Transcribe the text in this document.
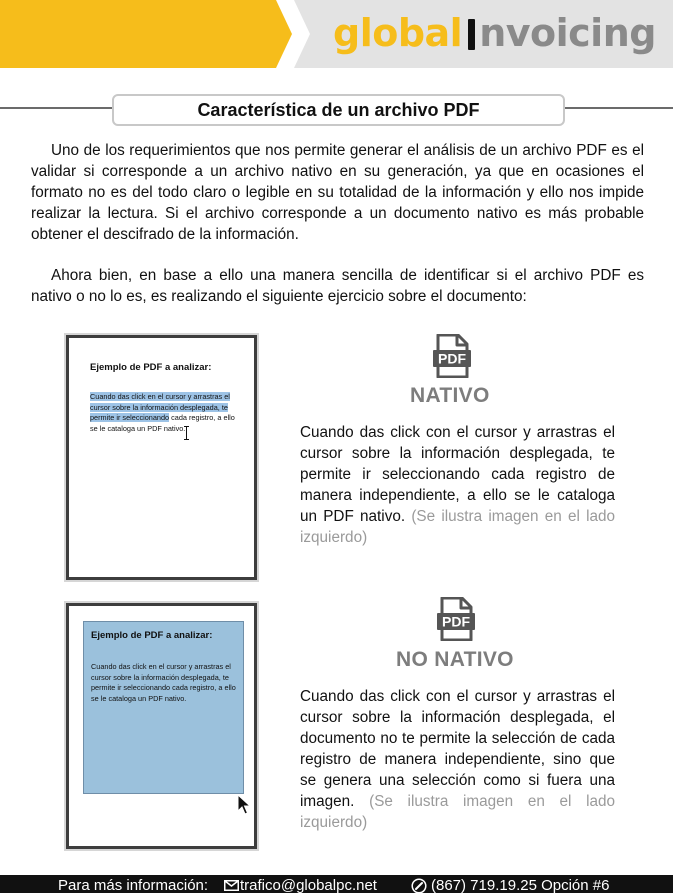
global nvoicing
Característica de un archivo PDF

Uno de los requerimientos que nos permite generar el análisis de un archivo PDF es el validar si corresponde a un archivo nativo en su generación, ya que en ocasiones el formato no es del todo claro o legible en su totalidad de la información y ello nos impide realizar la lectura. Si el archivo corresponde a un documento nativo es más probable obtener el descifrado de la información.

Ahora bien, en base a ello una manera sencilla de identificar si el archivo PDF es nativo o no lo es, es realizando el siguiente ejercicio sobre el documento:

Ejemplo de PDF a analizar:
Cuando das click en el cursor y arrastras el cursor sobre la información desplegada, te permite ir seleccionando cada registro, a ello se le cataloga un PDF nativo.
Ejemplo de PDF a analizar:
Cuando das click en el cursor y arrastras el cursor sobre la información desplegada, te permite ir seleccionando cada registro, a ello se le cataloga un PDF nativo.
PDF
PDF
NATIVO
NO NATIVO

Cuando das click con el cursor y arrastras el cursor sobre la información desplegada, te permite ir seleccionando cada registro de manera independiente, a ello se le cataloga un PDF nativo. (Se ilustra imagen en el lado izquierdo)

Cuando das click con el cursor y arrastras el cursor sobre la información desplegada, el documento no te permite la selección de cada registro de manera independiente, sino que se genera una selección como si fuera una imagen. (Se ilustra imagen en el lado izquierdo)

Para más información: trafico@globalpc.net	(867) 719.19.25 Opción #6
